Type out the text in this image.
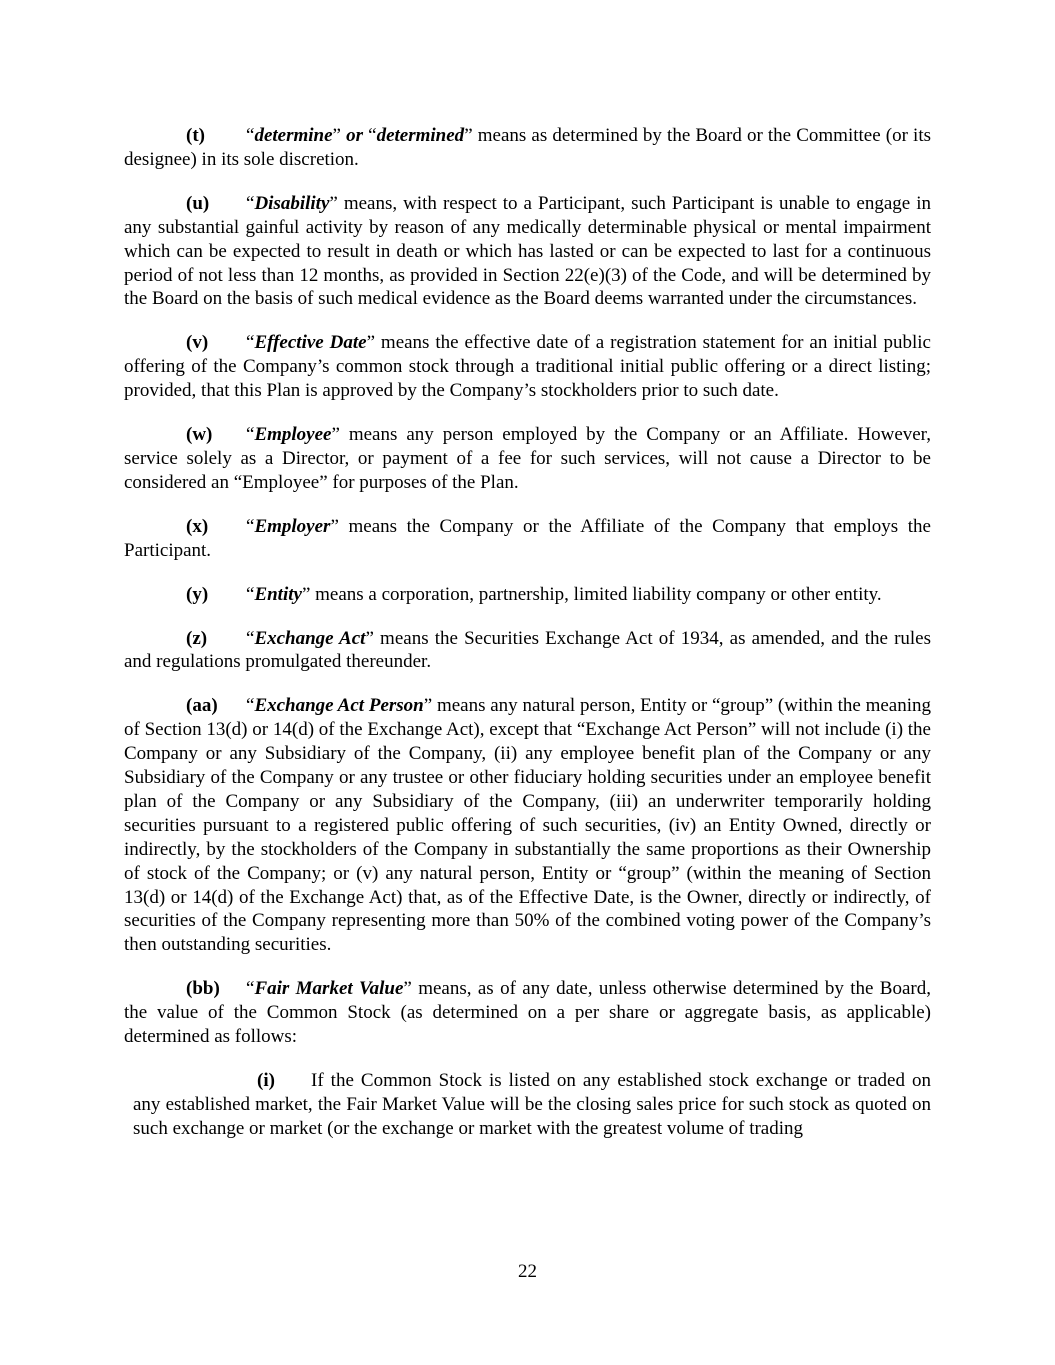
(t) “determine” or “determined” means as determined by the Board or the Committee (or its designee) in its sole discretion.

(u) “Disability” means, with respect to a Participant, such Participant is unable to engage in any substantial gainful activity by reason of any medically determinable physical or mental impairment which can be expected to result in death or which has lasted or can be expected to last for a continuous period of not less than 12 months, as provided in Section 22(e)(3) of the Code, and will be determined by the Board on the basis of such medical evidence as the Board deems warranted under the circumstances.

(v) “Effective Date” means the effective date of a registration statement for an initial public offering of the Company’s common stock through a traditional initial public offering or a direct listing; provided, that this Plan is approved by the Company’s stockholders prior to such date.

(w) “Employee” means any person employed by the Company or an Affiliate. However, service solely as a Director, or payment of a fee for such services, will not cause a Director to be considered an “Employee” for purposes of the Plan.

(x) “Employer” means the Company or the Affiliate of the Company that employs the Participant.

(y) “Entity” means a corporation, partnership, limited liability company or other entity.

(z) “Exchange Act” means the Securities Exchange Act of 1934, as amended, and the rules and regulations promulgated thereunder.

(aa) “Exchange Act Person” means any natural person, Entity or “group” (within the meaning of Section 13(d) or 14(d) of the Exchange Act), except that “Exchange Act Person” will not include (i) the Company or any Subsidiary of the Company, (ii) any employee benefit plan of the Company or any Subsidiary of the Company or any trustee or other fiduciary holding securities under an employee benefit plan of the Company or any Subsidiary of the Company, (iii) an underwriter temporarily holding securities pursuant to a registered public offering of such securities, (iv) an Entity Owned, directly or indirectly, by the stockholders of the Company in substantially the same proportions as their Ownership of stock of the Company; or (v) any natural person, Entity or “group” (within the meaning of Section 13(d) or 14(d) of the Exchange Act) that, as of the Effective Date, is the Owner, directly or indirectly, of securities of the Company representing more than 50% of the combined voting power of the Company’s then outstanding securities.

(bb) “Fair Market Value” means, as of any date, unless otherwise determined by the Board, the value of the Common Stock (as determined on a per share or aggregate basis, as applicable) determined as follows:

(i) If the Common Stock is listed on any established stock exchange or traded on any established market, the Fair Market Value will be the closing sales price for such stock as quoted on such exchange or market (or the exchange or market with the greatest volume of trading

22
